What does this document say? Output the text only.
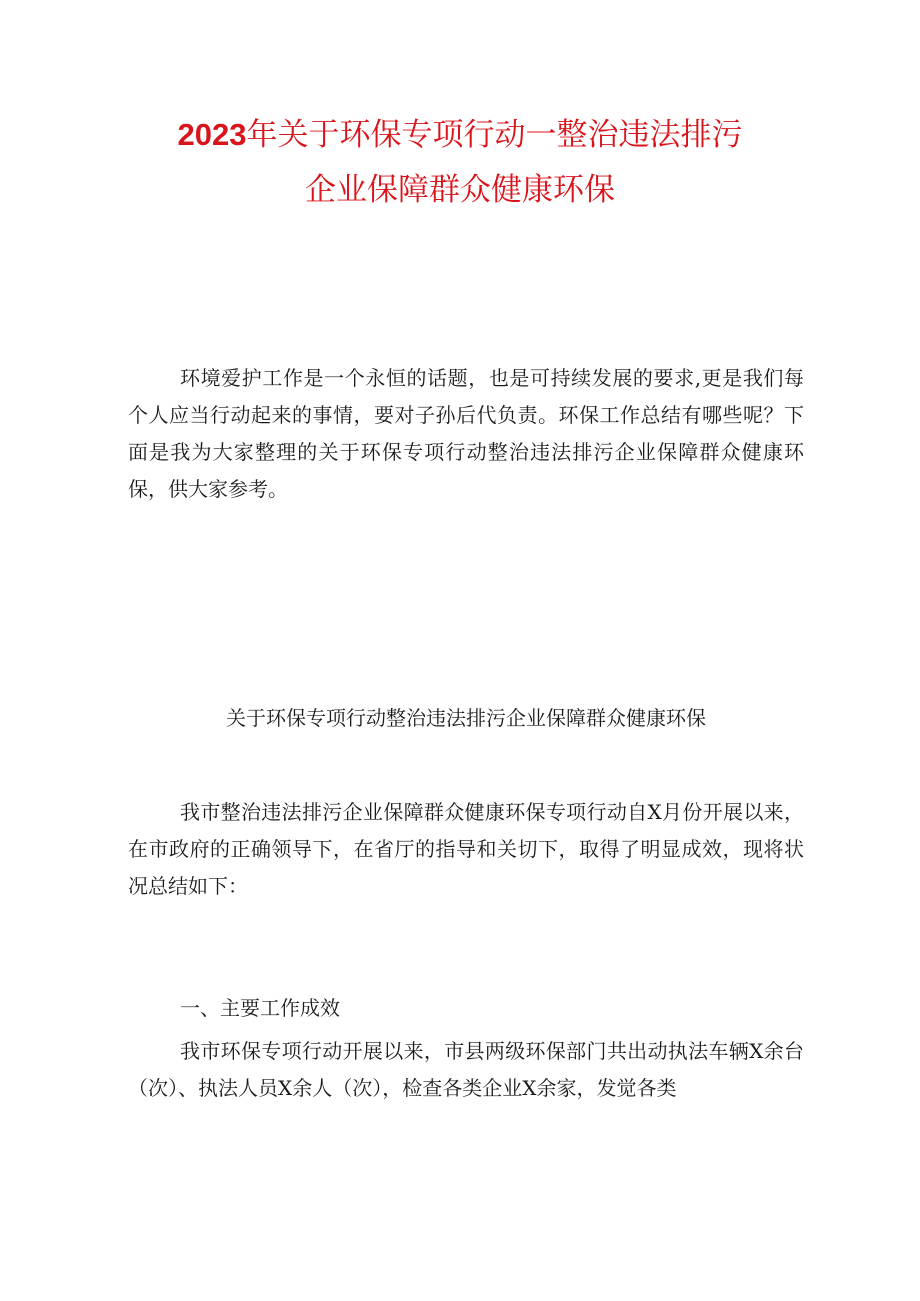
2023年关于环保专项行动一整治违法排污
企业保障群众健康环保
环境爱护工作是一个永恒的话题，也是可持续发展的要求,更是我们每个人应当行动起来的事情，要对子孙后代负责。环保工作总结有哪些呢？下面是我为大家整理的关于环保专项行动整治违法排污企业保障群众健康环保，供大家参考。
关于环保专项行动整治违法排污企业保障群众健康环保
我市整治违法排污企业保障群众健康环保专项行动自X月份开展以来，在市政府的正确领导下，在省厅的指导和关切下，取得了明显成效，现将状况总结如下：
一、主要工作成效
我市环保专项行动开展以来，市县两级环保部门共出动执法车辆X余台（次）、执法人员X余人（次），检查各类企业X余家，发觉各类
